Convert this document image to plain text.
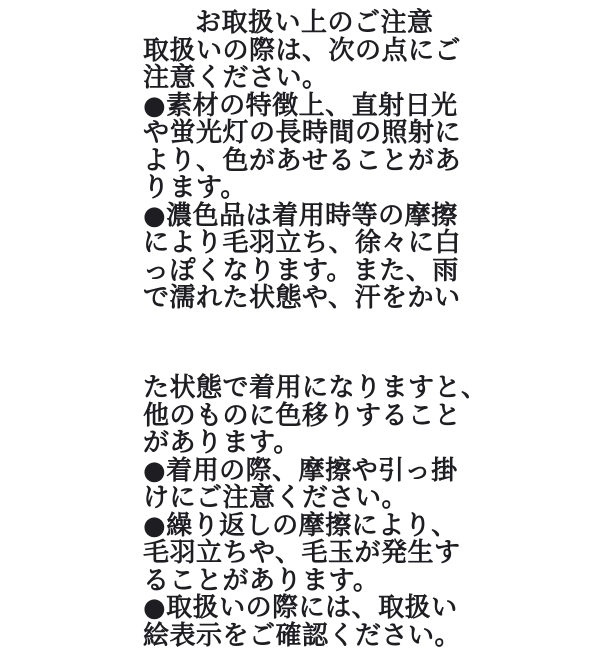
お取扱い上のご注意
取扱いの際は、次の点にご
注意ください。
●素材の特徴上、直射日光
や蛍光灯の長時間の照射に
より、色があせることがあ
ります。
●濃色品は着用時等の摩擦
により毛羽立ち、徐々に白
っぽくなります。また、雨
で濡れた状態や、汗をかい
た状態で着用になりますと、
他のものに色移りすること
があります。
●着用の際、摩擦や引っ掛
けにご注意ください。
●繰り返しの摩擦により、
毛羽立ちや、毛玉が発生す
ることがあります。
●取扱いの際には、取扱い
絵表示をご確認ください。
